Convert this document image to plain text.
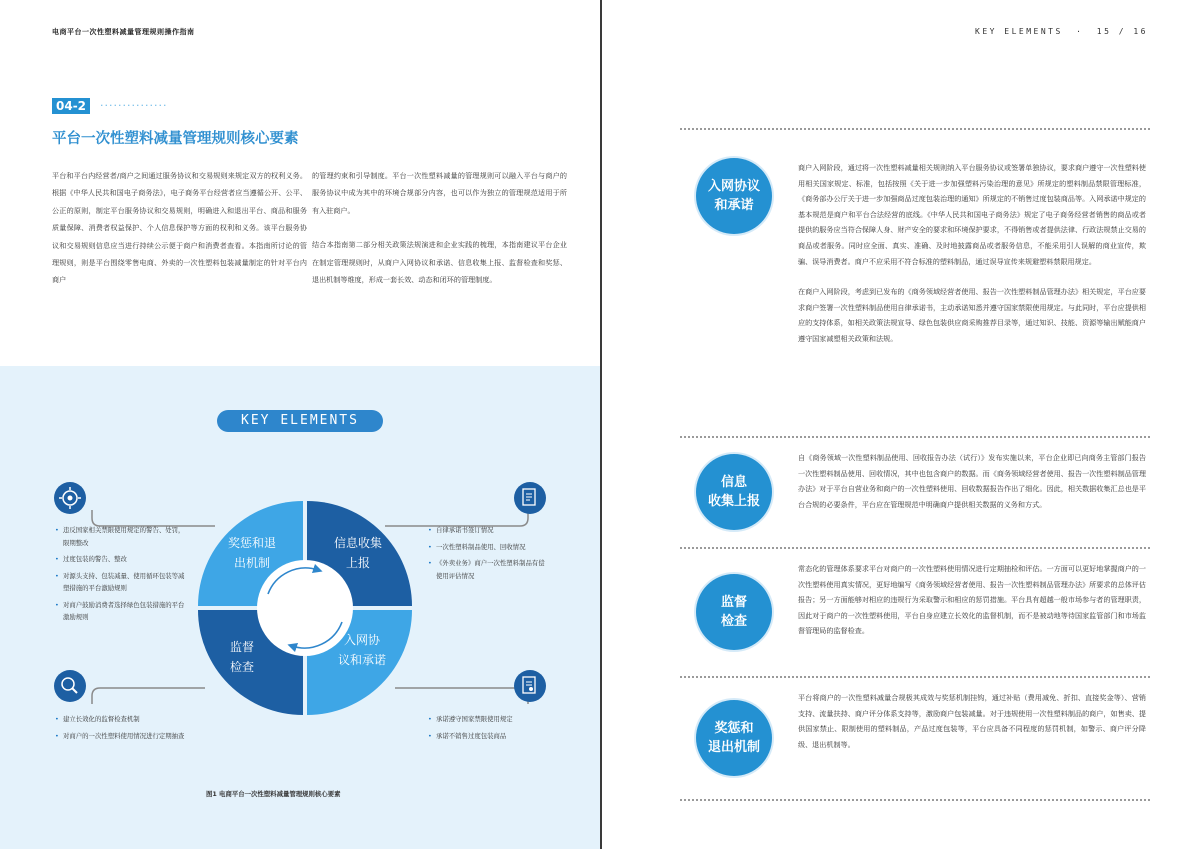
电商平台一次性塑料减量管理规则操作指南
04-2	···············
平台一次性塑料减量管理规则核心要素

平台和平台内经营者/商户之间通过服务协议和交易规则来规定双方的权利义务。根据《中华人民共和国电子商务法》，电子商务平台经营者应当遵循公开、公平、公正的原则，制定平台服务协议和交易规则，明确进入和退出平台、商品和服务质量保障、消费者权益保护、个人信息保护等方面的权利和义务。该平台服务协议和交易规则信息应当进行持续公示便于商户和消费者查看。本指南所讨论的管理规则，则是平台围绕零售电商、外卖的一次性塑料包装减量制定的针对平台内商户

的管理约束和引导制度。平台一次性塑料减量的管理规则可以融入平台与商户的服务协议中成为其中的环境合规部分内容，也可以作为独立的管理规范适用于所有入驻商户。

结合本指南第二部分相关政策法规演进和企业实践的梳理，本指南建议平台企业在制定管理规则时，从商户入网协议和承诺、信息收集上报、监督检查和奖惩、退出机制等维度，形成一套长效、动态和闭环的管理制度。

KEY ELEMENTS
奖惩和退
出机制
信息收集
上报
监督
检查
入网协
议和承诺
• 违反国家相关禁限使用规定的警告、处罚，限期整改
• 过度包装的警告、整改
• 对源头支持、包装减量、使用循环包装等减塑措施的平台激励规则
• 对商户鼓励消费者选择绿色包装措施的平台激励规则
• 自律承诺书签订情况
• 一次性塑料制品使用、回收情况
• 《外卖业务》商户一次性塑料制品有偿使用评估情况
• 建立长效化的监督检查机制
• 对商户的一次性塑料使用情况进行定期抽查
• 承诺遵守国家禁限使用规定
• 承诺不销售过度包装商品
图1 电商平台一次性塑料减量管理规则核心要素
KEY ELEMENTS · 15 / 16
入网协议
和承诺

商户入网阶段，通过将一次性塑料减量相关规则纳入平台服务协议或签署单独协议，要求商户遵守一次性塑料使用相关国家规定、标准，包括按照《关于进一步加强塑料污染治理的意见》所规定的塑料制品禁限管理标准，《商务部办公厅关于进一步加强商品过度包装治理的通知》所规定的不销售过度包装商品等。入网承诺中规定的基本规范是商户和平台合法经营的底线。《中华人民共和国电子商务法》规定了电子商务经营者销售的商品或者提供的服务应当符合保障人身、财产安全的要求和环境保护要求，不得销售或者提供法律、行政法规禁止交易的商品或者服务。同时应全面、真实、准确、及时地披露商品或者服务信息，不能采用引人误解的商业宣传，欺骗、误导消费者。商户不应采用不符合标准的塑料制品，通过误导宣传来规避塑料禁限用规定。

在商户入网阶段，考虑到已发布的《商务领域经营者使用、报告一次性塑料制品管理办法》相关规定，平台应要求商户签署一次性塑料制品使用自律承诺书，主动承诺知悉并遵守国家禁限使用规定。与此同时，平台应提供相应的支持体系，如相关政策法规宣导、绿色包装供应商采购推荐目录等，通过知识、技能、资源等输出赋能商户遵守国家减塑相关政策和法规。

信息
收集上报

自《商务领域一次性塑料制品使用、回收报告办法（试行）》发布实施以来，平台企业即已向商务主管部门报告一次性塑料制品使用、回收情况，其中也包含商户的数据。而《商务领域经营者使用、报告一次性塑料制品管理办法》对于平台自营业务和商户的一次性塑料使用、回收数据报告作出了细化。因此，相关数据收集汇总也是平台合规的必要条件，平台应在管理规范中明确商户提供相关数据的义务和方式。

监督
检查

常态化的管理体系要求平台对商户的一次性塑料使用情况进行定期抽检和评估。一方面可以更好地掌握商户的一次性塑料使用真实情况，更好地编写《商务领域经营者使用、报告一次性塑料制品管理办法》所要求的总体评估报告；另一方面能够对相应的违规行为采取警示和相应的惩罚措施。平台具有超越一般市场参与者的管理职责，因此对于商户的一次性塑料使用，平台自身应建立长效化的监督机制，而不是被动地等待国家监管部门和市场监督管理局的监督检查。

奖惩和
退出机制

平台将商户的一次性塑料减量合规极其成效与奖惩机制挂钩，通过补贴（费用减免、折扣、直接奖金等）、营销支持、流量扶持、商户评分体系支持等，激励商户包装减量。对于违规使用一次性塑料制品的商户，如售卖、提供国家禁止、限制使用的塑料制品，产品过度包装等，平台应具备不同程度的惩罚机制，如警示、商户评分降级、退出机制等。
